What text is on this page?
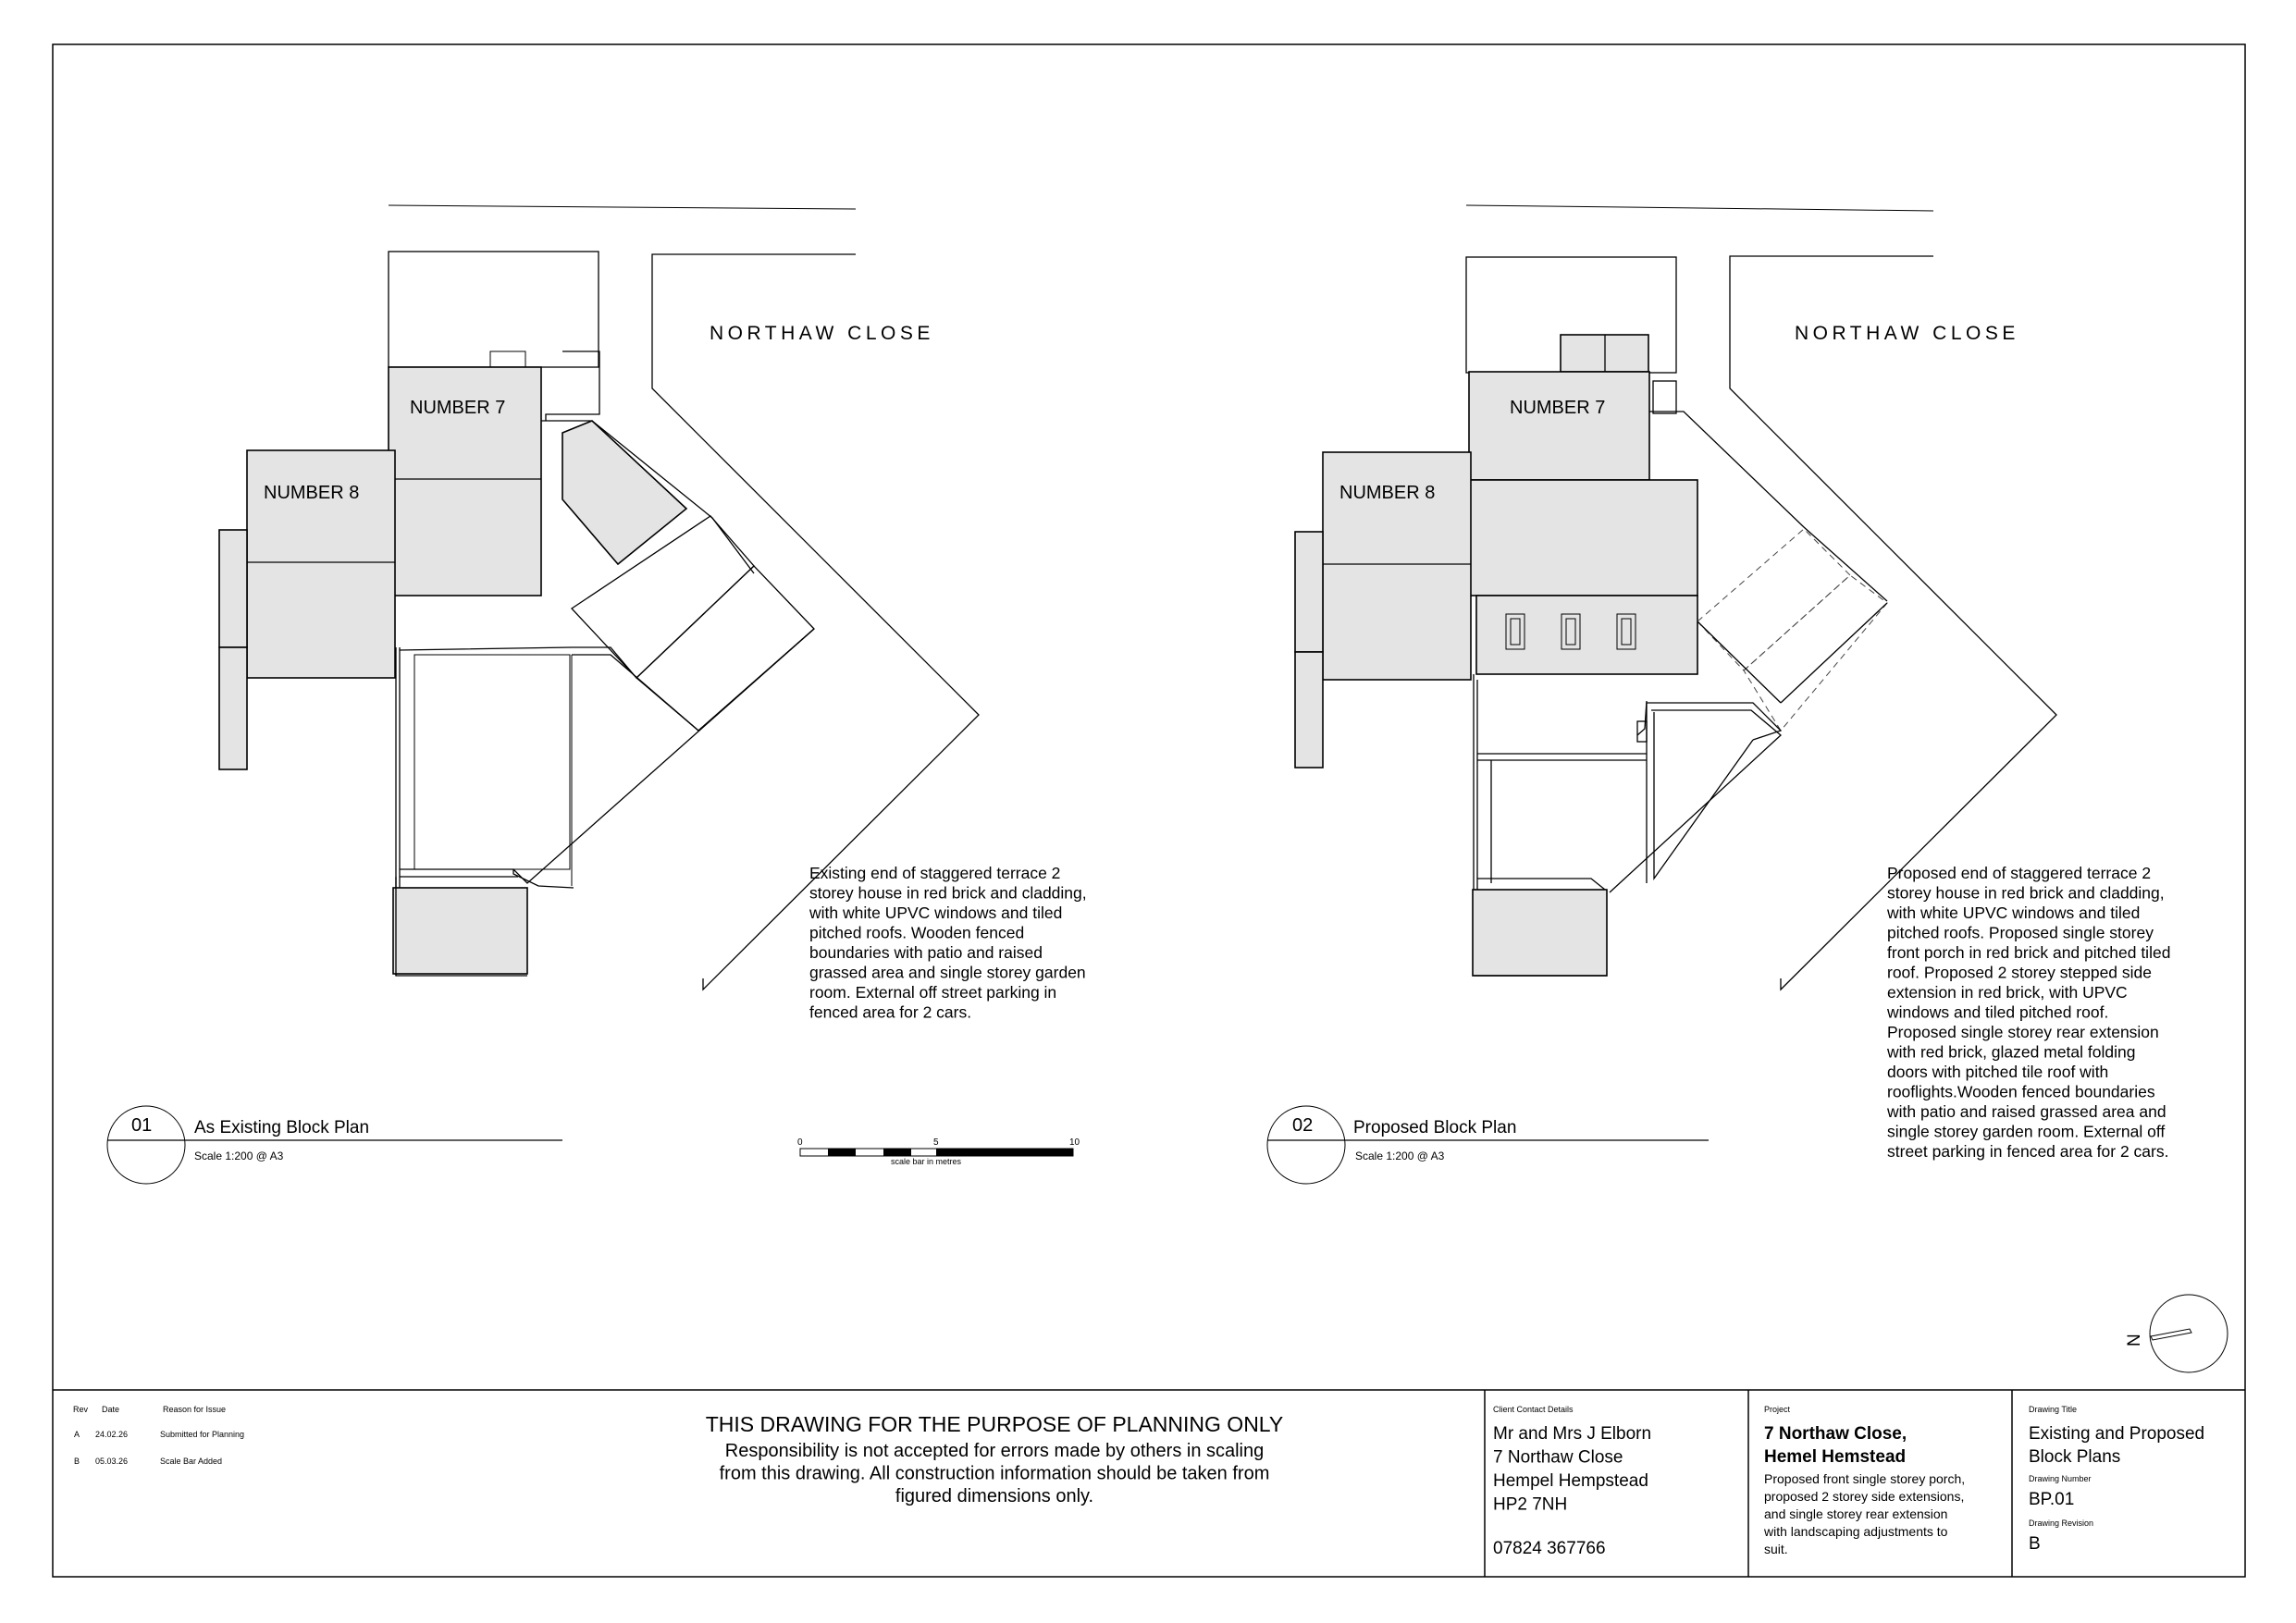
NORTHAW CLOSE	NORTHAW CLOSE
NUMBER 7
NUMBER 8
NUMBER 7
NUMBER 8
Existing end of staggered terrace 2 storey house in red brick and cladding, with white UPVC windows and tiled pitched roofs. Wooden fenced boundaries with patio and raised grassed area and single storey garden room. External off street parking in fenced area for 2 cars.
Proposed end of staggered terrace 2 storey house in red brick and cladding, with white UPVC windows and tiled pitched roofs. Proposed single storey front porch in red brick and pitched tiled roof. Proposed 2 storey stepped side extension in red brick, with UPVC windows and tiled pitched roof. Proposed single storey rear extension with red brick, glazed metal folding doors with pitched tile roof with rooflights.Wooden fenced boundaries with patio and raised grassed area and single storey garden room. External off street parking in fenced area for 2 cars.
01 As Existing Block Plan
Scale 1:200 @ A3
02 Proposed Block Plan
Scale 1:200 @ A3
0	5	10
scale bar in metres
N
Rev Date	Reason for Issue
A 24.02.26	Submitted for Planning
B 05.03.26	Scale Bar Added
THIS DRAWING FOR THE PURPOSE OF PLANNING ONLY
Responsibility is not accepted for errors made by others in scaling from this drawing. All construction information should be taken from figured dimensions only.
Client Contact Details
Mr and Mrs J Elborn 7 Northaw Close Hempel Hempstead HP2 7NH
07824 367766
Project
7 Northaw Close, Hemel Hemstead
Proposed front single storey porch, proposed 2 storey side extensions, and single storey rear extension with landscaping adjustments to suit.
Drawing Title
Existing and Proposed Block Plans
Drawing Number
BP.01
Drawing Revision
B
